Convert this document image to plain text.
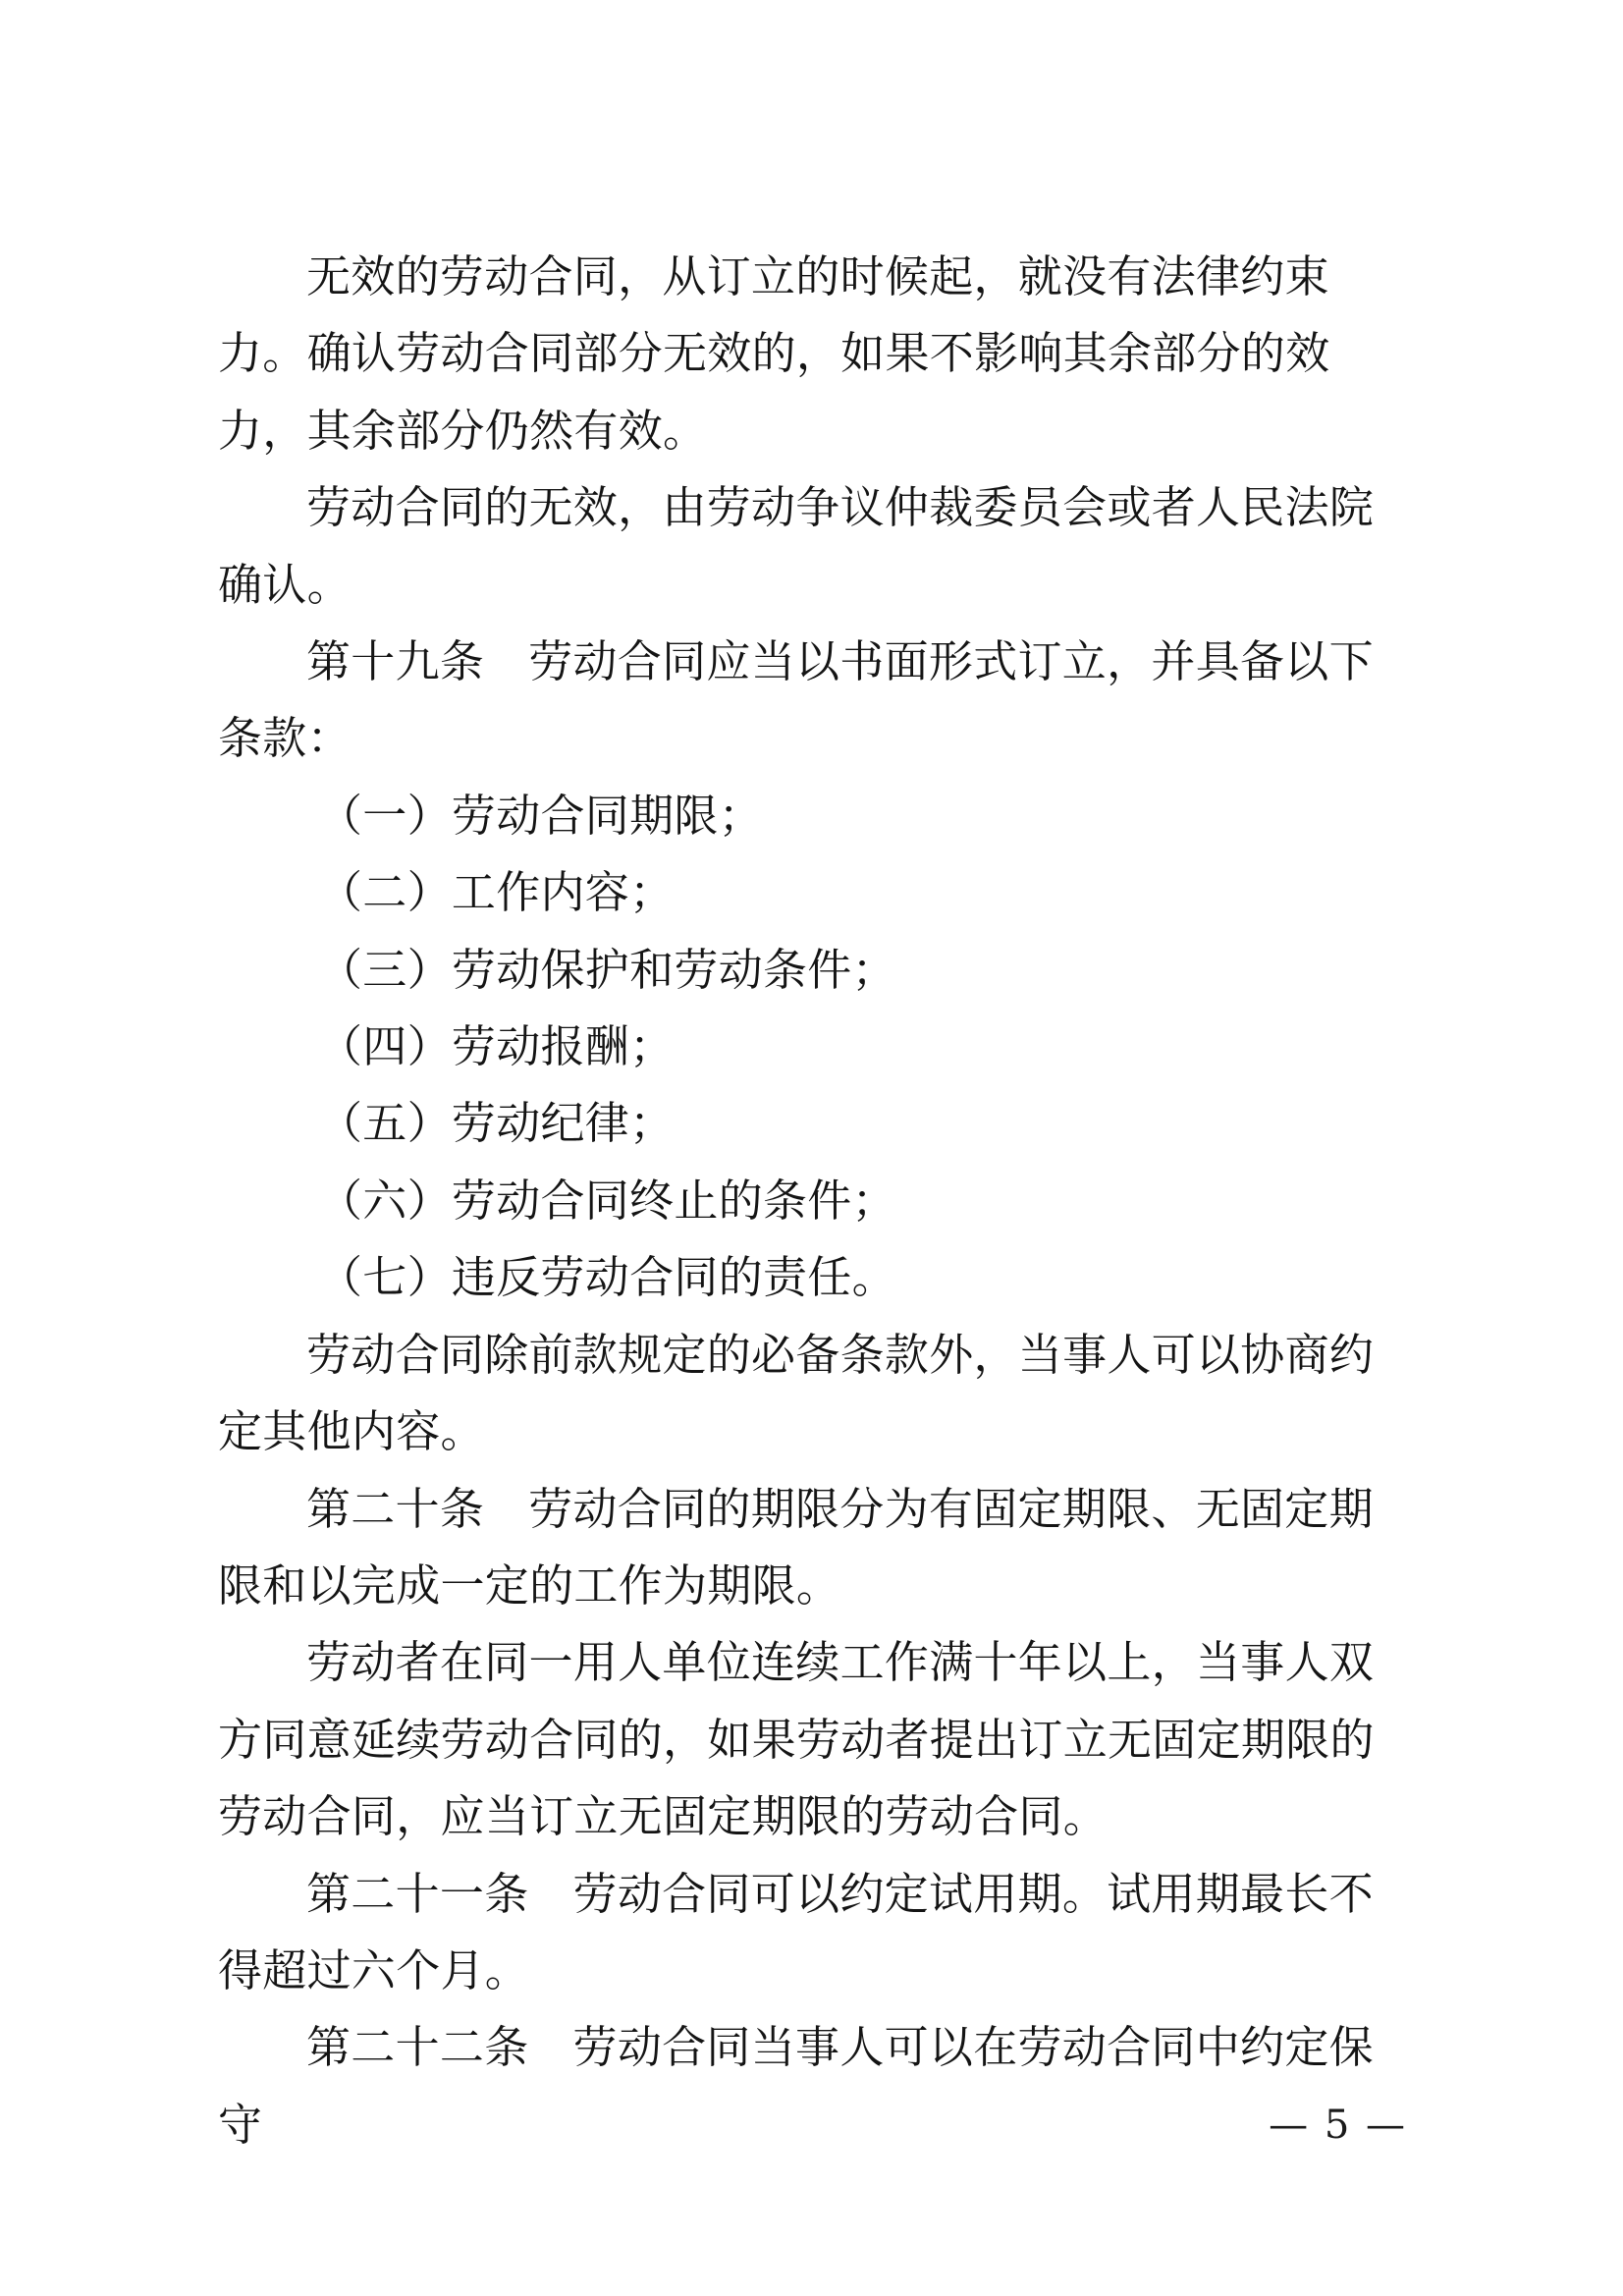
无效的劳动合同，从订立的时候起，就没有法律约束力。确认劳动合同部分无效的，如果不影响其余部分的效力，其余部分仍然有效。

劳动合同的无效，由劳动争议仲裁委员会或者人民法院确认。

第十九条 劳动合同应当以书面形式订立，并具备以下条款：

（一）劳动合同期限；

（二）工作内容；

（三）劳动保护和劳动条件；

（四）劳动报酬；

（五）劳动纪律；

（六）劳动合同终止的条件；

（七）违反劳动合同的责任。

劳动合同除前款规定的必备条款外，当事人可以协商约定其他内容。

第二十条 劳动合同的期限分为有固定期限、无固定期限和以完成一定的工作为期限。

劳动者在同一用人单位连续工作满十年以上，当事人双方同意延续劳动合同的，如果劳动者提出订立无固定期限的劳动合同，应当订立无固定期限的劳动合同。

第二十一条 劳动合同可以约定试用期。试用期最长不得超过六个月。

第二十二条 劳动合同当事人可以在劳动合同中约定保守	— 5 —
